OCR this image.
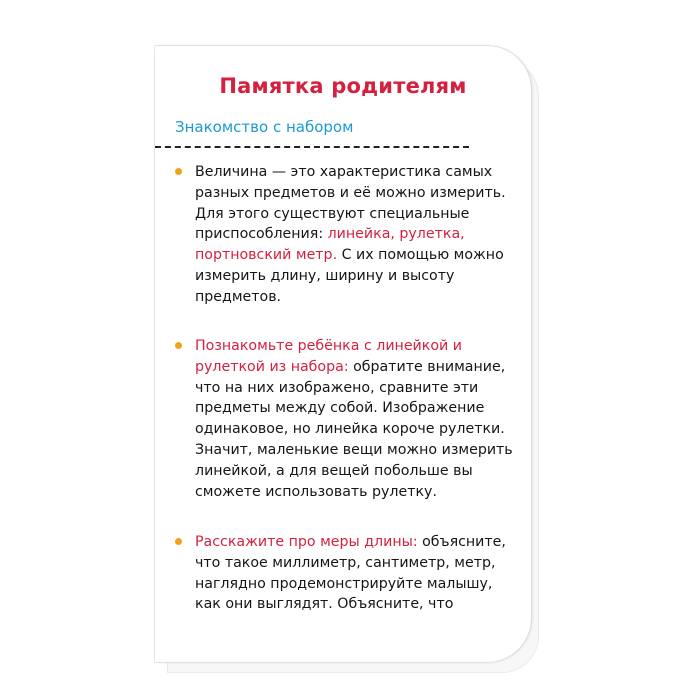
Памятка родителям
Знакомство с набором
Величина — это характеристика самых разных предметов и её можно измерить. Для этого существуют специальные приспособления: линейка, рулетка, портновский метр. С их помощью можно измерить длину, ширину и высоту предметов.
Познакомьте ребёнка с линейкой и рулеткой из набора: обратите внимание, что на них изображено, сравните эти предметы между собой. Изображение одинаковое, но линейка короче рулетки. Значит, маленькие вещи можно измерить линейкой, а для вещей побольше вы сможете использовать рулетку.
Расскажите про меры длины: объясните, что такое миллиметр, сантиметр, метр, наглядно продемонстрируйте малышу, как они выглядят. Объясните, что
